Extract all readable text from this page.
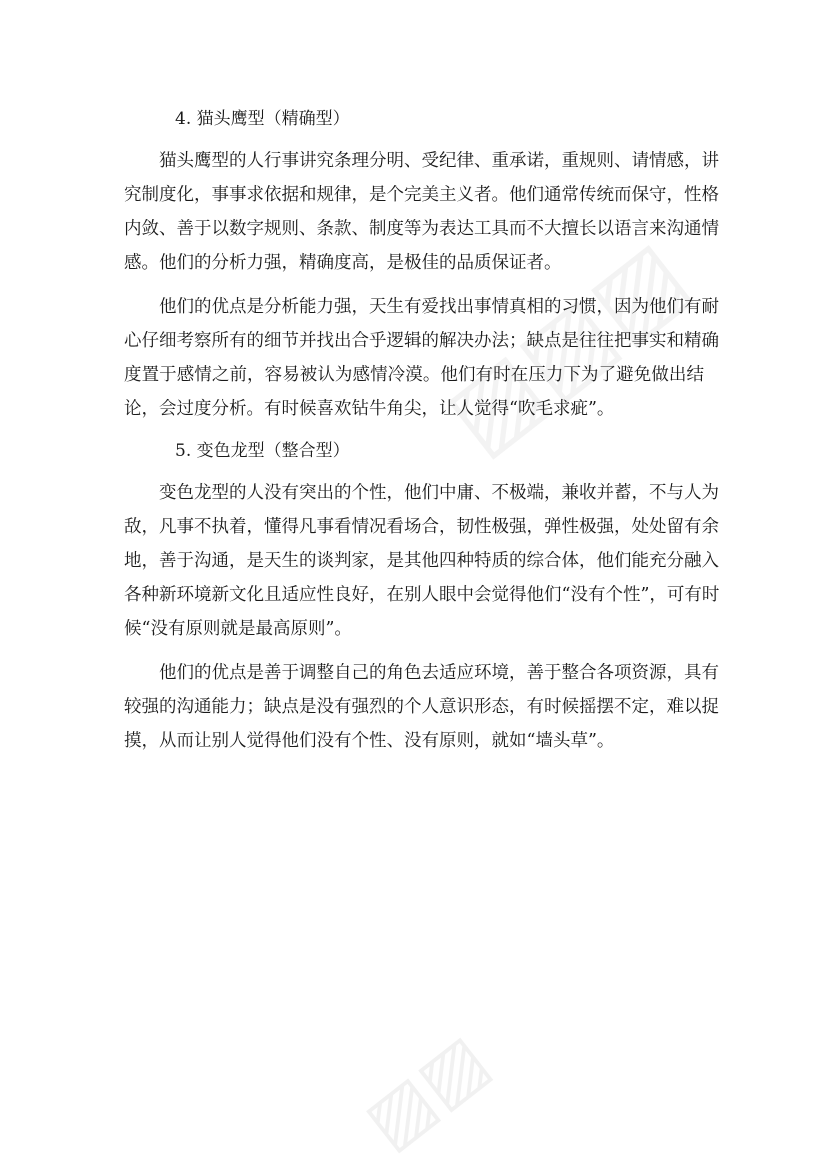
▨▨
4. 猫头鹰型（精确型）
猫头鹰型的人行事讲究条理分明、受纪律、重承诺，重规则、请情感，讲
究制度化，事事求依据和规律，是个完美主义者。他们通常传统而保守，性格
内敛、善于以数字规则、条款、制度等为表达工具而不大擅长以语言来沟通情
感。他们的分析力强，精确度高，是极佳的品质保证者。
他们的优点是分析能力强，天生有爱找出事情真相的习惯，因为他们有耐
心仔细考察所有的细节并找出合乎逻辑的解决办法；缺点是往往把事实和精确
度置于感情之前，容易被认为感情冷漠。他们有时在压力下为了避免做出结
论，会过度分析。有时候喜欢钻牛角尖，让人觉得“吹毛求疵”。
5. 变色龙型（整合型）
变色龙型的人没有突出的个性，他们中庸、不极端，兼收并蓄，不与人为
敌，凡事不执着，懂得凡事看情况看场合，韧性极强，弹性极强，处处留有余
地，善于沟通，是天生的谈判家，是其他四种特质的综合体，他们能充分融入
各种新环境新文化且适应性良好，在别人眼中会觉得他们“没有个性”，可有时
候“没有原则就是最高原则”。
他们的优点是善于调整自己的角色去适应环境，善于整合各项资源，具有
较强的沟通能力；缺点是没有强烈的个人意识形态，有时候摇摆不定，难以捉
摸，从而让别人觉得他们没有个性、没有原则，就如“墙头草”。
